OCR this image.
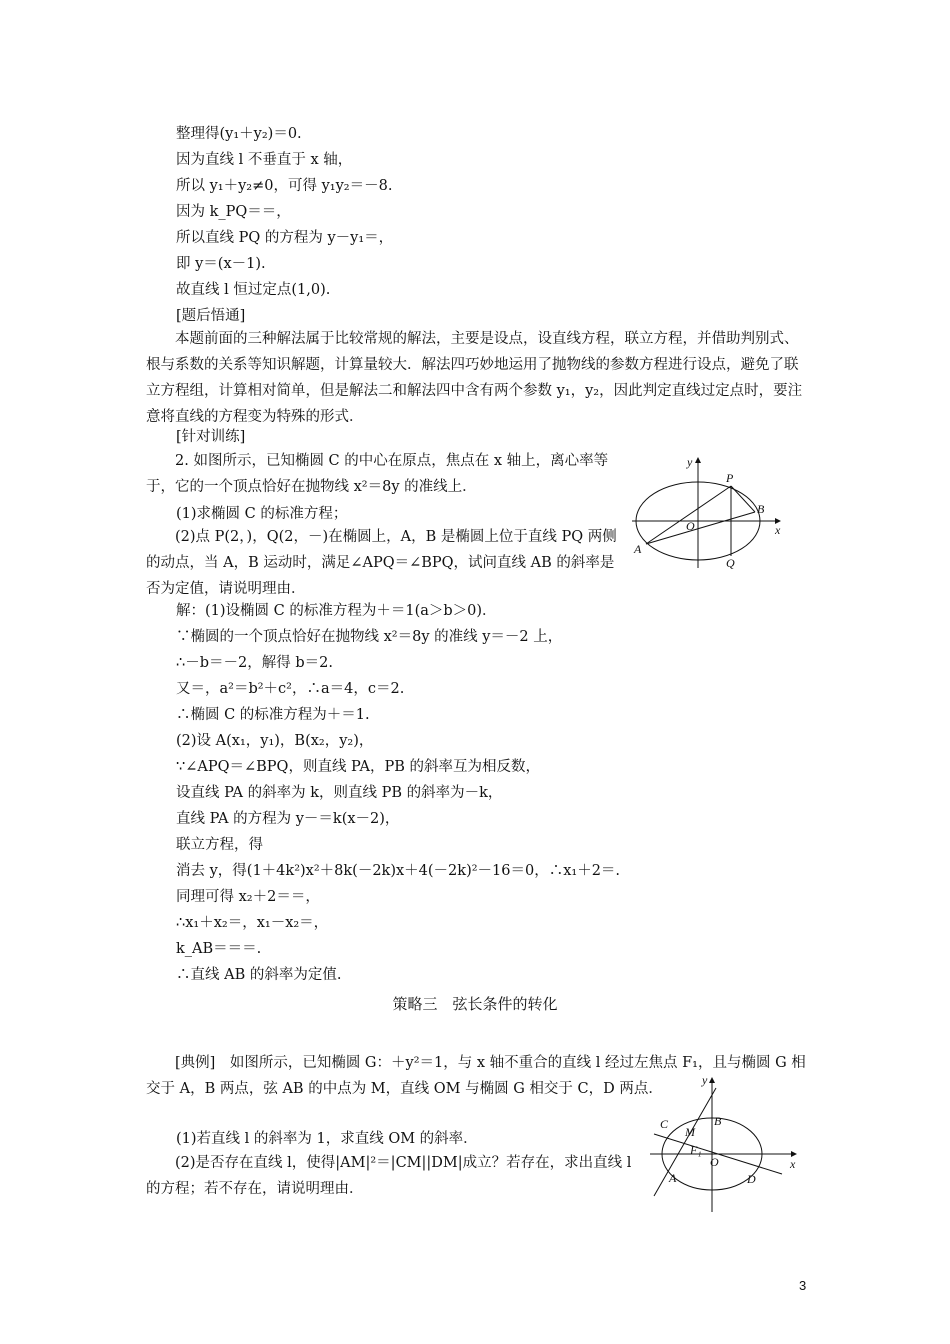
整理得(y₁＋y₂)＝0.
因为直线 l 不垂直于 x 轴，
所以 y₁＋y₂≠0，可得 y₁y₂＝－8.
因为 k_PQ＝＝，
所以直线 PQ 的方程为 y－y₁＝，
即 y＝(x－1).
故直线 l 恒过定点(1,0).
[题后悟通]
本题前面的三种解法属于比较常规的解法，主要是设点，设直线方程，联立方程，并借助判别式、根与系数的关系等知识解题，计算量较大．解法四巧妙地运用了抛物线的参数方程进行设点，避免了联立方程组，计算相对简单，但是解法二和解法四中含有两个参数 y₁，y₂，因此判定直线过定点时，要注意将直线的方程变为特殊的形式．
[针对训练]
2. 如图所示，已知椭圆 C 的中心在原点，焦点在 x 轴上，离心率等于，它的一个顶点恰好在抛物线 x²＝8y 的准线上．
(1)求椭圆 C 的标准方程；
(2)点 P(2，)，Q(2，－)在椭圆上，A，B 是椭圆上位于直线 PQ 两侧的动点，当 A，B 运动时，满足∠APQ＝∠BPQ，试问直线 AB 的斜率是否为定值，请说明理由．
y
x
P
B
O
A
Q
解：(1)设椭圆 C 的标准方程为＋＝1(a＞b＞0)．
∵椭圆的一个顶点恰好在抛物线 x²＝8y 的准线 y＝－2 上，
∴－b＝－2，解得 b＝2.
又＝，a²＝b²＋c²，∴a＝4，c＝2.
∴椭圆 C 的标准方程为＋＝1.
(2)设 A(x₁，y₁)，B(x₂，y₂)，
∵∠APQ＝∠BPQ，则直线 PA，PB 的斜率互为相反数，
设直线 PA 的斜率为 k，则直线 PB 的斜率为－k，
直线 PA 的方程为 y－＝k(x－2)，
联立方程，得
消去 y，得(1＋4k²)x²＋8k(－2k)x＋4(－2k)²－16＝0，∴x₁＋2＝.
同理可得 x₂＋2＝＝，
∴x₁＋x₂＝，x₁－x₂＝，
k_AB＝＝＝.
∴直线 AB 的斜率为定值.
策略三　弦长条件的转化
[典例]　如图所示，已知椭圆 G：＋y²＝1，与 x 轴不重合的直线 l 经过左焦点 F₁，且与椭圆 G 相交于 A，B 两点，弦 AB 的中点为 M，直线 OM 与椭圆 G 相交于 C，D 两点．
(1)若直线 l 的斜率为 1，求直线 OM 的斜率．
(2)是否存在直线 l，使得|AM|²＝|CM||DM|成立？若存在，求出直线 l 的方程；若不存在，请说明理由．
y
x
C
M
B
F₁
O
A	D
3
